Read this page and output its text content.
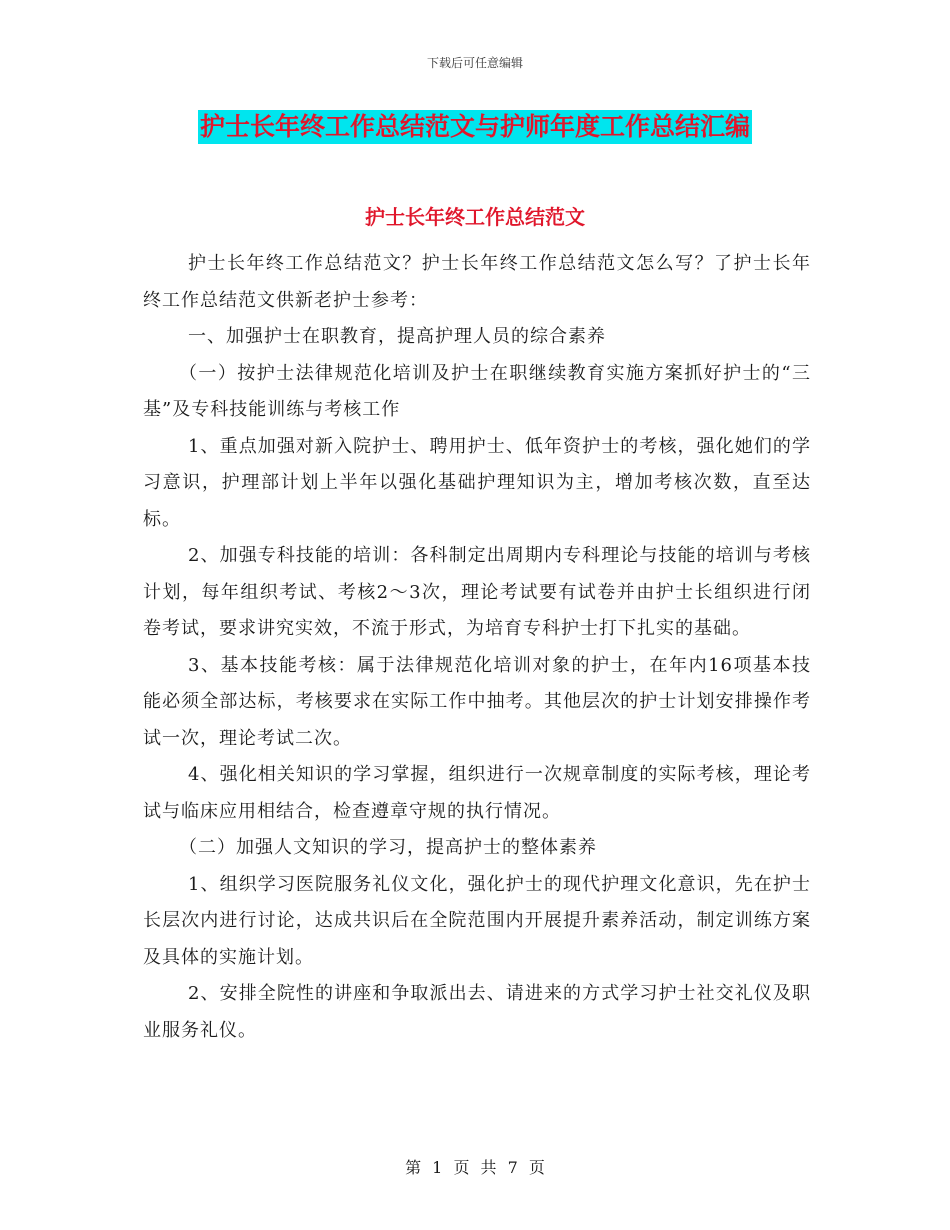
下载后可任意编辑
护士长年终工作总结范文与护师年度工作总结汇编
护士长年终工作总结范文

护士长年终工作总结范文？护士长年终工作总结范文怎么写？了护士长年终工作总结范文供新老护士参考：

一、加强护士在职教育，提高护理人员的综合素养

（一）按护士法律规范化培训及护士在职继续教育实施方案抓好护士的“三基”及专科技能训练与考核工作

1、重点加强对新入院护士、聘用护士、低年资护士的考核，强化她们的学习意识，护理部计划上半年以强化基础护理知识为主，增加考核次数，直至达标。

2、加强专科技能的培训：各科制定出周期内专科理论与技能的培训与考核计划，每年组织考试、考核2～3次，理论考试要有试卷并由护士长组织进行闭卷考试，要求讲究实效，不流于形式，为培育专科护士打下扎实的基础。

3、基本技能考核：属于法律规范化培训对象的护士，在年内16项基本技能必须全部达标，考核要求在实际工作中抽考。其他层次的护士计划安排操作考试一次，理论考试二次。

4、强化相关知识的学习掌握，组织进行一次规章制度的实际考核，理论考试与临床应用相结合，检查遵章守规的执行情况。

（二）加强人文知识的学习，提高护士的整体素养

1、组织学习医院服务礼仪文化，强化护士的现代护理文化意识，先在护士长层次内进行讨论，达成共识后在全院范围内开展提升素养活动，制定训练方案及具体的实施计划。

2、安排全院性的讲座和争取派出去、请进来的方式学习护士社交礼仪及职业服务礼仪。

第 1 页 共 7 页
